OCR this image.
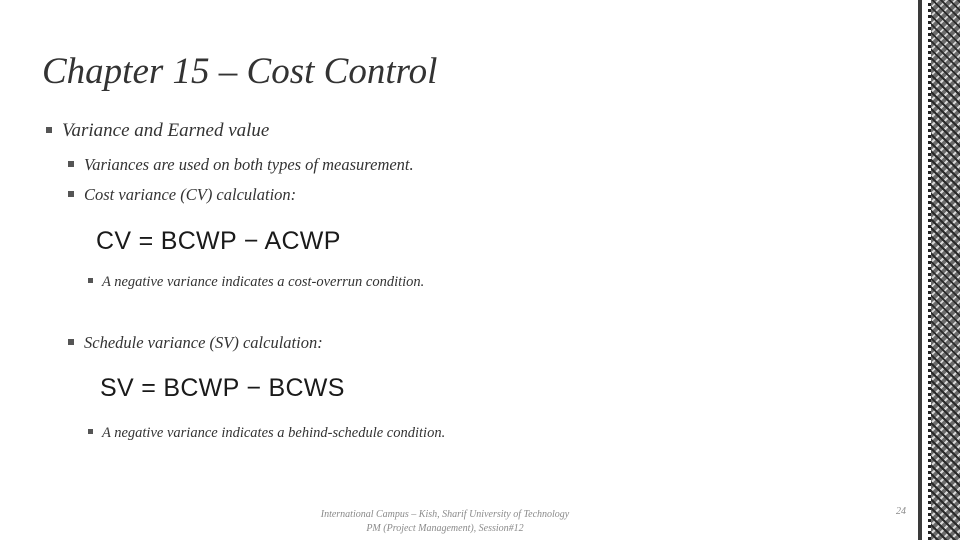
Chapter 15 – Cost Control
Variance and Earned value
Variances are used on both types of measurement.
Cost variance (CV) calculation:
CV = BCWP − ACWP
A negative variance indicates a cost-overrun condition.
Schedule variance (SV) calculation:
SV = BCWP − BCWS
A negative variance indicates a behind-schedule condition.
International Campus – Kish, Sharif University of Technology
PM (Project Management), Session#12
24
